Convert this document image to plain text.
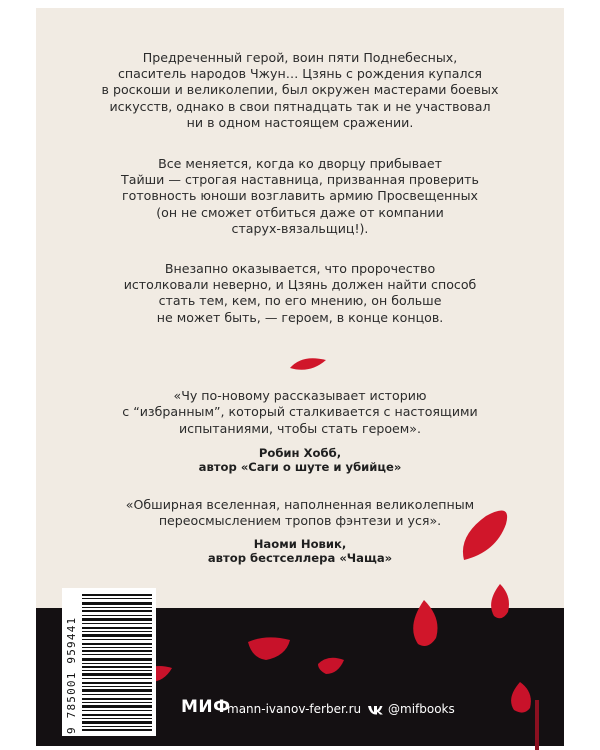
Предреченный герой, воин пяти Поднебесных,
спаситель народов Чжун… Цзянь с рождения купался
в роскоши и великолепии, был окружен мастерами боевых
искусств, однако в свои пятнадцать так и не участвовал
ни в одном настоящем сражении.
Все меняется, когда ко дворцу прибывает
Тайши — строгая наставница, призванная проверить
готовность юноши возглавить армию Просвещенных
(он не сможет отбиться даже от компании
старух-вязальщиц!).
Внезапно оказывается, что пророчество
истолковали неверно, и Цзянь должен найти способ
стать тем, кем, по его мнению, он больше
не может быть, — героем, в конце концов.
«Чу по-новому рассказывает историю
с “избранным”, который сталкивается с настоящими
испытаниями, чтобы стать героем».
Робин Хобб,
автор «Саги о шуте и убийце»
«Обширная вселенная, наполненная великолепным
переосмыслением тропов фэнтези и уся».
Наоми Новик,
автор бестселлера «Чаща»
9 785001 959441	МИФ
mann-ivanov-ferber.ru @mifbooks
